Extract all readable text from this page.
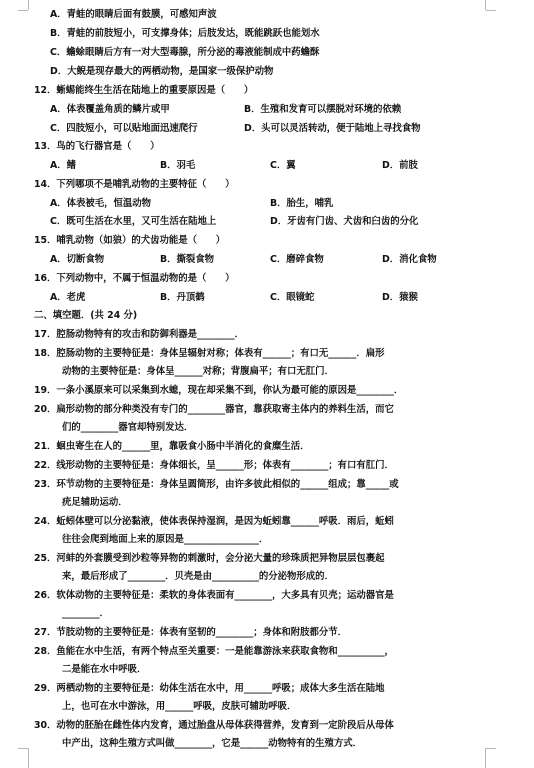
A．青蛙的眼睛后面有鼓膜，可感知声波
B．青蛙的前肢短小，可支撑身体；后肢发达，既能跳跃也能划水
C．蟾蜍眼睛后方有一对大型毒腺，所分泌的毒液能制成中药蟾酥
D．大鲵是现存最大的两栖动物，是国家一级保护动物
12．蜥蜴能终生生活在陆地上的重要原因是（　　）
A．体表覆盖角质的鳞片或甲	B．生殖和发育可以摆脱对环境的依赖
C．四肢短小，可以贴地面迅速爬行	D．头可以灵活转动，便于陆地上寻找食物
13．鸟的飞行器官是（　　）
A．鳍	B．羽毛	C．翼	D．前肢
14．下列哪项不是哺乳动物的主要特征（　　）
A．体表被毛，恒温动物	B．胎生，哺乳
C．既可生活在水里，又可生活在陆地上	D．牙齿有门齿、犬齿和臼齿的分化
15．哺乳动物（如狼）的犬齿功能是（　　）
A．切断食物	B．撕裂食物	C．磨碎食物	D．消化食物
16．下列动物中，不属于恒温动物的是（　　）
A．老虎	B．丹顶鹤	C．眼镜蛇	D．猿猴
二、填空题．(共 24 分)
17．腔肠动物特有的攻击和防御利器是________．
18．腔肠动物的主要特征是：身体呈辐射对称；体表有______；有口无______．扁形
动物的主要特征是：身体呈______对称；背腹扁平；有口无肛门．
19．一条小溪原来可以采集到水螅，现在却采集不到，你认为最可能的原因是________．
20．扁形动物的部分种类没有专门的________器官，靠获取寄主体内的养料生活，而它
们的________器官却特别发达．
21．蛔虫寄生在人的______里，靠吸食小肠中半消化的食糜生活．
22．线形动物的主要特征是：身体细长，呈______形；体表有________；有口有肛门．
23．环节动物的主要特征是：身体呈圆筒形，由许多彼此相似的______组成；靠_____或
疣足辅助运动．
24．蚯蚓体壁可以分泌黏液，使体表保持湿润，是因为蚯蚓靠______呼吸．雨后，蚯蚓
往往会爬到地面上来的原因是________________．
25．河蚌的外套膜受到沙粒等异物的刺激时，会分泌大量的珍珠质把异物层层包裹起
来，最后形成了________．贝壳是由__________的分泌物形成的．
26．软体动物的主要特征是：柔软的身体表面有________，大多具有贝壳；运动器官是
________．
27．节肢动物的主要特征是：体表有坚韧的________；身体和附肢都分节．
28．鱼能在水中生活，有两个特点至关重要：一是能靠游泳来获取食物和__________，
二是能在水中呼吸．
29．两栖动物的主要特征是：幼体生活在水中，用______呼吸；成体大多生活在陆地
上，也可在水中游泳，用______呼吸，皮肤可辅助呼吸．
30．动物的胚胎在雌性体内发育，通过胎盘从母体获得营养，发育到一定阶段后从母体
中产出，这种生殖方式叫做________，它是______动物特有的生殖方式．
